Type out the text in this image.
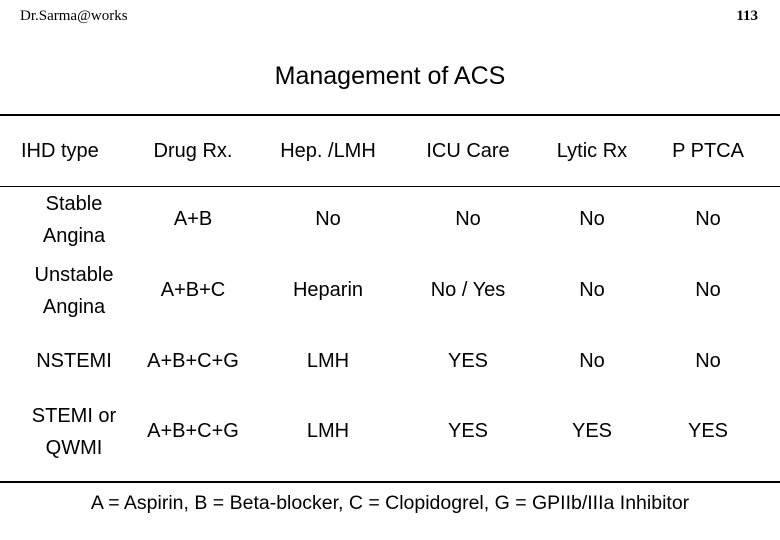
Dr.Sarma@works	113
Management of ACS
IHD type	Drug Rx.	Hep. /LMH	ICU Care	Lytic Rx	P PTCA
Stable
Angina	A+B	No	No	No	No
Unstable
Angina	A+B+C	Heparin	No / Yes	No	No
NSTEMI	A+B+C+G	LMH	YES	No	No
STEMI or
QWMI	A+B+C+G	LMH	YES	YES	YES
A = Aspirin, B = Beta-blocker, C = Clopidogrel, G = GPIIb/IIIa Inhibitor
